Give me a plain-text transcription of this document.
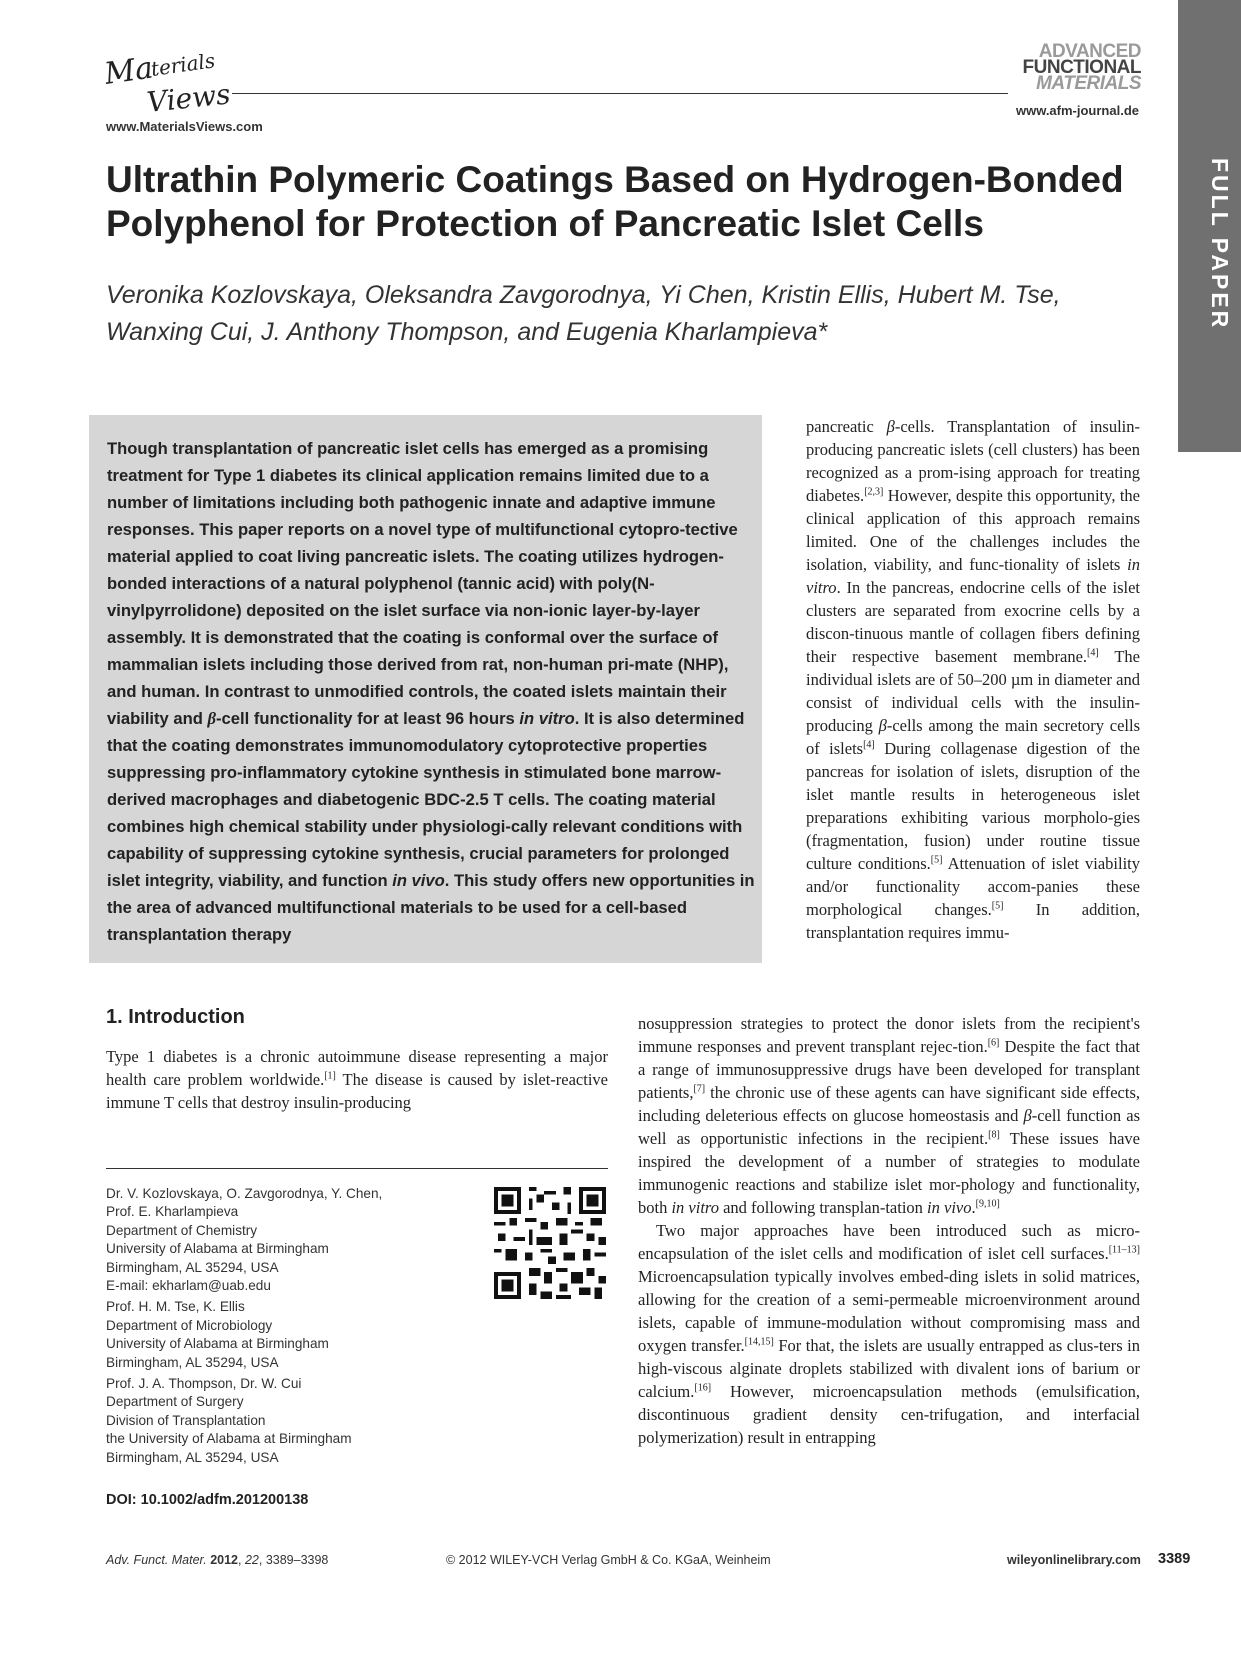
Ma
terials
Views
www.MaterialsViews.com
ADVANCED
FUNCTIONAL
MATERIALS
www.afm-journal.de
FULL PAPER
Ultrathin Polymeric Coatings Based on Hydrogen-Bonded Polyphenol for Protection of Pancreatic Islet Cells
Veronika Kozlovskaya, Oleksandra Zavgorodnya, Yi Chen, Kristin Ellis, Hubert M. Tse, Wanxing Cui, J. Anthony Thompson, and Eugenia Kharlampieva*
Though transplantation of pancreatic islet cells has emerged as a promising treatment for Type 1 diabetes its clinical application remains limited due to a number of limitations including both pathogenic innate and adaptive immune responses. This paper reports on a novel type of multifunctional cytopro-tective material applied to coat living pancreatic islets. The coating utilizes hydrogen-bonded interactions of a natural polyphenol (tannic acid) with poly(N-vinylpyrrolidone) deposited on the islet surface via non-ionic layer-by-layer assembly. It is demonstrated that the coating is conformal over the surface of mammalian islets including those derived from rat, non-human pri-mate (NHP), and human. In contrast to unmodified controls, the coated islets maintain their viability and β-cell functionality for at least 96 hours in vitro. It is also determined that the coating demonstrates immunomodulatory cytoprotective properties suppressing pro-inflammatory cytokine synthesis in stimulated bone marrow-derived macrophages and diabetogenic BDC-2.5 T cells. The coating material combines high chemical stability under physiologi-cally relevant conditions with capability of suppressing cytokine synthesis, crucial parameters for prolonged islet integrity, viability, and function in vivo. This study offers new opportunities in the area of advanced multifunctional materials to be used for a cell-based transplantation therapy

pancreatic β-cells. Transplantation of insulin-producing pancreatic islets (cell clusters) has been recognized as a prom-ising approach for treating diabetes.[2,3] However, despite this opportunity, the clinical application of this approach remains limited. One of the challenges includes the isolation, viability, and func-tionality of islets in vitro. In the pancreas, endocrine cells of the islet clusters are separated from exocrine cells by a discon-tinuous mantle of collagen fibers defining their respective basement membrane.[4] The individual islets are of 50–200 µm in diameter and consist of individual cells with the insulin-producing β-cells among the main secretory cells of islets[4] During collagenase digestion of the pancreas for isolation of islets, disruption of the islet mantle results in heterogeneous islet preparations exhibiting various morpholo-gies (fragmentation, fusion) under routine tissue culture conditions.[5] Attenuation of islet viability and/or functionality accom-panies these morphological changes.[5] In addition, transplantation requires immu-

nosuppression strategies to protect the donor islets from the recipient's immune responses and prevent transplant rejec-tion.[6] Despite the fact that a range of immunosuppressive drugs have been developed for transplant patients,[7] the chronic use of these agents can have significant side effects, including deleterious effects on glucose homeostasis and β-cell function as well as opportunistic infections in the recipient.[8] These issues have inspired the development of a number of strategies to modulate immunogenic reactions and stabilize islet mor-phology and functionality, both in vitro and following transplan-tation in vivo.[9,10]

Two major approaches have been introduced such as micro-encapsulation of the islet cells and modification of islet cell surfaces.[11–13] Microencapsulation typically involves embed-ding islets in solid matrices, allowing for the creation of a semi-permeable microenvironment around islets, capable of immune-modulation without compromising mass and oxygen transfer.[14,15] For that, the islets are usually entrapped as clus-ters in high-viscous alginate droplets stabilized with divalent ions of barium or calcium.[16] However, microencapsulation methods (emulsification, discontinuous gradient density cen-trifugation, and interfacial polymerization) result in entrapping

1. Introduction
Type 1 diabetes is a chronic autoimmune disease representing a major health care problem worldwide.[1] The disease is caused by islet-reactive immune T cells that destroy insulin-producing
Dr. V. Kozlovskaya, O. Zavgorodnya, Y. Chen,
Prof. E. Kharlampieva
Department of Chemistry
University of Alabama at Birmingham
Birmingham, AL 35294, USA
E-mail: ekharlam@uab.edu
Prof. H. M. Tse, K. Ellis
Department of Microbiology
University of Alabama at Birmingham
Birmingham, AL 35294, USA
Prof. J. A. Thompson, Dr. W. Cui
Department of Surgery
Division of Transplantation
the University of Alabama at Birmingham
Birmingham, AL 35294, USA
DOI: 10.1002/adfm.201200138
Adv. Funct. Mater. 2012, 22, 3389–3398	© 2012 WILEY-VCH Verlag GmbH & Co. KGaA, Weinheim	wileyonlinelibrary.com 3389
